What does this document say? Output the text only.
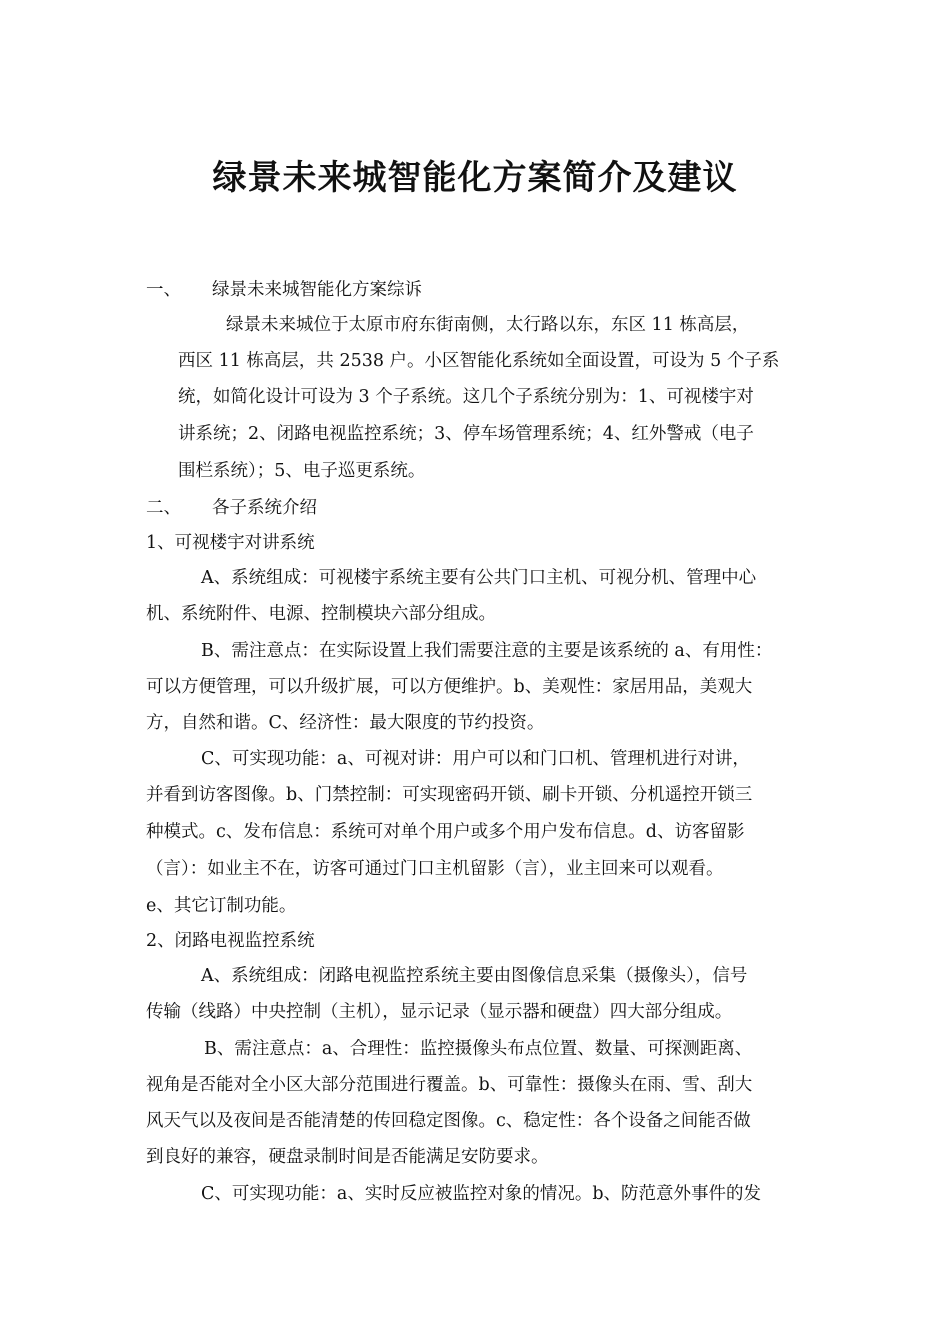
绿景未来城智能化方案简介及建议
一、 绿景未来城智能化方案综诉
绿景未来城位于太原市府东街南侧，太行路以东，东区 11 栋高层，
西区 11 栋高层，共 2538 户。小区智能化系统如全面设置，可设为 5 个子系
统，如简化设计可设为 3 个子系统。这几个子系统分别为：1、可视楼宇对
讲系统；2、闭路电视监控系统；3、停车场管理系统；4、红外警戒（电子
围栏系统）；5、电子巡更系统。
二、 各子系统介绍
1、可视楼宇对讲系统
A、系统组成：可视楼宇系统主要有公共门口主机、可视分机、管理中心
机、系统附件、电源、控制模块六部分组成。
B、需注意点：在实际设置上我们需要注意的主要是该系统的 a、有用性：
可以方便管理，可以升级扩展，可以方便维护。b、美观性：家居用品，美观大
方，自然和谐。C、经济性：最大限度的节约投资。
C、可实现功能：a、可视对讲：用户可以和门口机、管理机进行对讲，
并看到访客图像。b、门禁控制：可实现密码开锁、刷卡开锁、分机遥控开锁三
种模式。c、发布信息：系统可对单个用户或多个用户发布信息。d、访客留影
（言）：如业主不在，访客可通过门口主机留影（言），业主回来可以观看。
e、其它订制功能。
2、闭路电视监控系统
A、系统组成：闭路电视监控系统主要由图像信息采集（摄像头），信号
传输（线路）中央控制（主机），显示记录（显示器和硬盘）四大部分组成。
B、需注意点：a、合理性：监控摄像头布点位置、数量、可探测距离、
视角是否能对全小区大部分范围进行覆盖。b、可靠性：摄像头在雨、雪、刮大
风天气以及夜间是否能清楚的传回稳定图像。c、稳定性：各个设备之间能否做
到良好的兼容，硬盘录制时间是否能满足安防要求。
C、可实现功能：a、实时反应被监控对象的情况。b、防范意外事件的发
